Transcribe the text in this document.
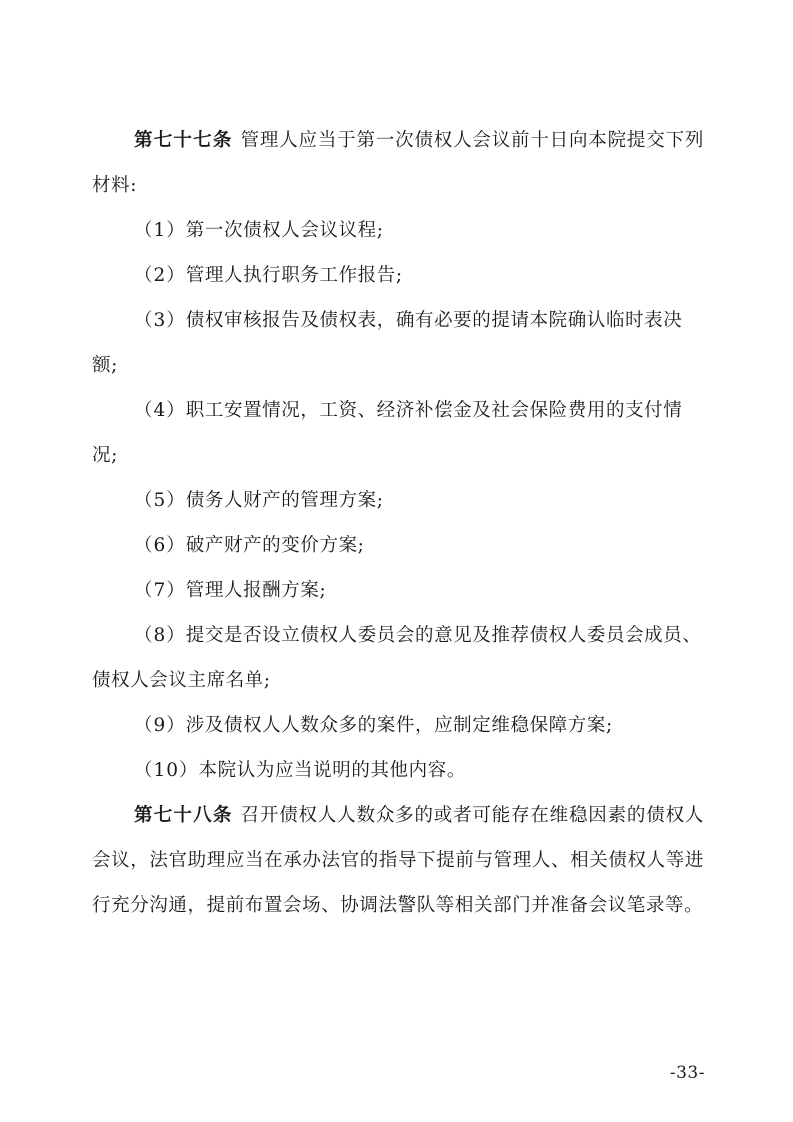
第七十七条 管理人应当于第一次债权人会议前十日向本院提交下列材料:

（1）第一次债权人会议议程;

（2）管理人执行职务工作报告;

（3）债权审核报告及债权表，确有必要的提请本院确认临时表决额;

（4）职工安置情况，工资、经济补偿金及社会保险费用的支付情况;

（5）债务人财产的管理方案;

（6）破产财产的变价方案;

（7）管理人报酬方案;

（8）提交是否设立债权人委员会的意见及推荐债权人委员会成员、债权人会议主席名单;

（9）涉及债权人人数众多的案件，应制定维稳保障方案;

（10）本院认为应当说明的其他内容。

第七十八条 召开债权人人数众多的或者可能存在维稳因素的债权人会议，法官助理应当在承办法官的指导下提前与管理人、相关债权人等进行充分沟通，提前布置会场、协调法警队等相关部门并准备会议笔录等。

-33-
